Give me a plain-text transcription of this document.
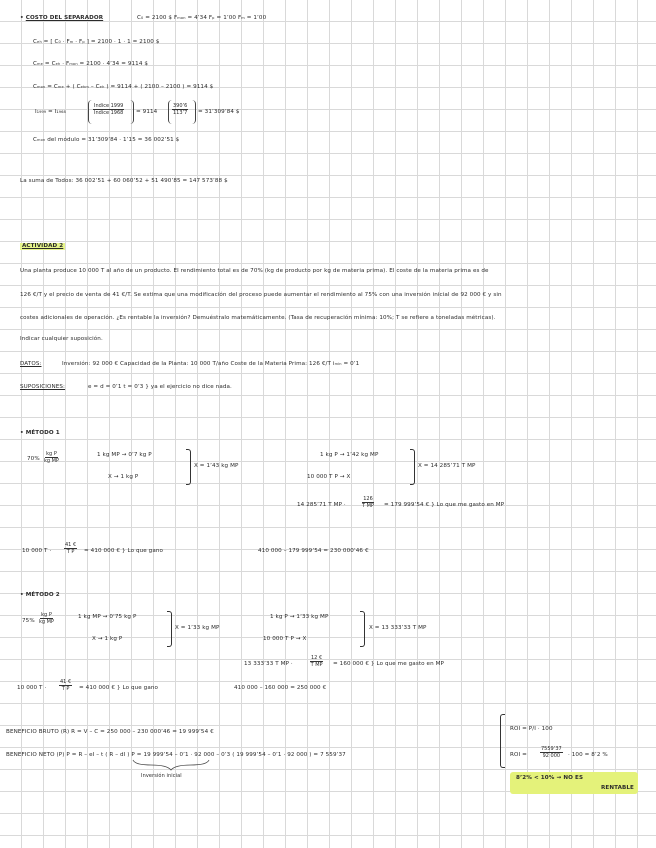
• COSTO DEL SEPARADOR	C₀ = 2100 $ Fₘₒₙ = 4’34 Fₚ = 1’00 Fₘ = 1’00
Cₑₕ = [ C₀ · Fₘ · Fₚ ] = 2100 · 1 · 1 = 2100 $
Cₘₑ = Cₑₕ · Fₘₒₙ = 2100 · 4’34 = 9114 $
Cₘₒₙ = Cₘₑ + ( Cₑₕₘ – Cₑₕ ) = 9114 + ( 2100 – 2100 ) = 9114 $
I₁₉₉₉ = I₁₉₆₈
Indice 1999
Indice 1968 = 9114	$\frac{390’6}{113’7}$ = 31’309’84 $
Cₘₒₙ del módulo = 31’309’84 · 1’15 = 36 002’51 $
La suma de Todos: 36 002’51 + 60 060’52 + 51 490’85 = 147 573’88 $
ACTIVIDAD 2
Una planta produce 10 000 T al año de un producto. El rendimiento total es de 70% (kg de producto por kg de materia prima). El coste de la materia prima es de
126 €/T y el precio de venta de 41 €/T. Se estima que una modificación del proceso puede aumentar el rendimiento al 75% con una inversión inicial de 92 000 € y sin
costes adicionales de operación. ¿Es rentable la inversión? Demuéstralo matemáticamente. (Tasa de recuperación mínima: 10%; T se refiere a toneladas métricas).
Indicar cualquier suposición.
DATOS:	Inversión: 92 000 € Capacidad de la Planta: 10 000 T/año Coste de la Materia Prima: 126 €/T iₘᵢₙ = 0’1
SUPOSICIONES:	e = d = 0’1 t = 0’3 } ya el ejercicio no dice nada.
• MÉTODO 1
$70\% \frac{\text{kg P}}{\text{kg MP}}$	1 kg MP → 0’7 kg P
X → 1 kg P
X = 1’43 kg MP
1 kg P → 1’42 kg MP
10 000 T P → X
X = 14 285’71 T MP
14 285’71 T MP ·	$\frac{126}{\text{T MP}} = 179$ 999’54 € } Lo que me gasto en MP
10 000 T ·	$\frac{41 €}{\text{T P}} = 410$ 000 € } Lo que gano	410 000 – 179 999’54 = 230 000’46 €
• MÉTODO 2
$75\% \frac{\text{kg P}}{\text{kg MP}}$	1 kg MP → 0’75 kg P
X → 1 kg P
X = 1’33 kg MP
1 kg P → 1’33 kg MP
10 000 T P → X
X = 13 333’33 T MP
13 333’33 T MP ·	$\frac{12 €}{\text{T MP}} = 160$ 000 € } Lo que me gasto en MP
10 000 T ·	$\frac{41 €}{\text{T P}} = 410$ 000 € } Lo que gano	410 000 – 160 000 = 250 000 €
BENEFICIO BRUTO (R) R = V – C = 250 000 – 230 000’46 = 19 999’54 €
BENEFICIO NETO (P) P = R – eI – t ( R – dI ) P = 19 999’54 – 0’1 · 92 000 – 0’3 ( 19 999’54 – 0’1 · 92 000 ) = 7 559’37
Inversión inicial
ROI = P/I · 100
ROI =	$\frac{7559’37}{92 000} \cdot 100$ = 8’2 %
8’2% < 10% → NO ES
RENTABLE
